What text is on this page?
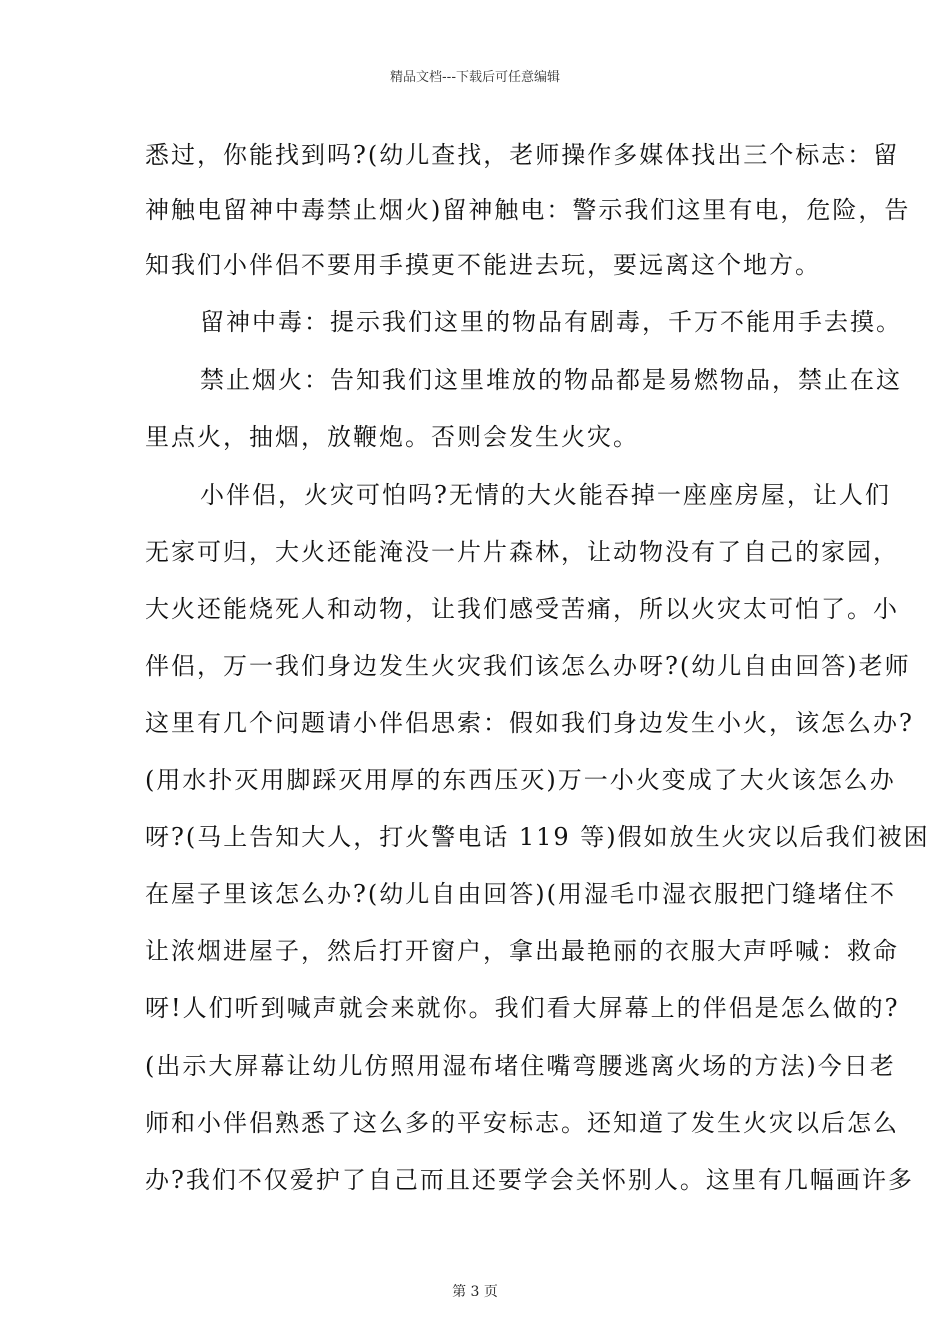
精品文档---下载后可任意编辑
悉过，你能找到吗?(幼儿查找，老师操作多媒体找出三个标志：留
神触电留神中毒禁止烟火)留神触电：警示我们这里有电，危险，告
知我们小伴侣不要用手摸更不能进去玩，要远离这个地方。
留神中毒：提示我们这里的物品有剧毒，千万不能用手去摸。
禁止烟火：告知我们这里堆放的物品都是易燃物品，禁止在这
里点火，抽烟，放鞭炮。否则会发生火灾。
小伴侣，火灾可怕吗?无情的大火能吞掉一座座房屋，让人们
无家可归，大火还能淹没一片片森林，让动物没有了自己的家园，
大火还能烧死人和动物，让我们感受苦痛，所以火灾太可怕了。小
伴侣，万一我们身边发生火灾我们该怎么办呀?(幼儿自由回答)老师
这里有几个问题请小伴侣思索：假如我们身边发生小火，该怎么办?
(用水扑灭用脚踩灭用厚的东西压灭)万一小火变成了大火该怎么办
呀?(马上告知大人，打火警电话 119 等)假如放生火灾以后我们被困
在屋子里该怎么办?(幼儿自由回答)(用湿毛巾湿衣服把门缝堵住不
让浓烟进屋子，然后打开窗户，拿出最艳丽的衣服大声呼喊：救命
呀!人们听到喊声就会来就你。我们看大屏幕上的伴侣是怎么做的?
(出示大屏幕让幼儿仿照用湿布堵住嘴弯腰逃离火场的方法)今日老
师和小伴侣熟悉了这么多的平安标志。还知道了发生火灾以后怎么
办?我们不仅爱护了自己而且还要学会关怀别人。这里有几幅画许多
第 3 页
